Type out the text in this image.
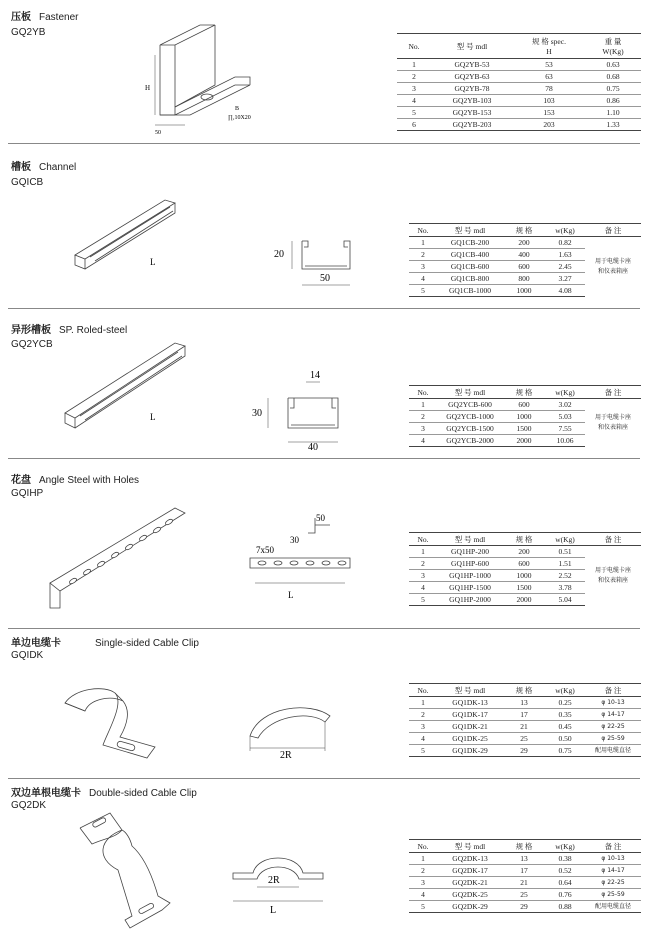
压板 Fastener
GQ2YB
H
B
50
∏,10X20
No.	型 号 mdl	规 格 spec.
H	重 量
W(Kg)
1	GQ2YB-53	53	0.63
2	GQ2YB-63	63	0.68
3	GQ2YB-78	78	0.75
4	GQ2YB-103	103	0.86
5	GQ2YB-153	153	1.10
6	GQ2YB-203	203	1.33
槽板 Channel
GQICB
L
20
50
No.	型 号 mdl	规 格	w(Kg)	备 注
1	GQ1CB-200	200	0.82	用于电缆卡座
和仪表箱座

2	GQ1CB-400	400	1.63	
3	GQ1CB-600	600	2.45	
4	GQ1CB-800	800	3.27	
5	GQ1CB-1000	1000	4.08	
异形槽板 SP. Roled-steel
GQ2YCB
L
14
30
40
No.	型 号 mdl	规 格	w(Kg)	备 注
1	GQ2YCB-600	600	3.02	用于电缆卡座
和仪表箱座

2	GQ2YCB-1000	1000	5.03	
3	GQ2YCB-1500	1500	7.55	
4	GQ2YCB-2000	2000	10.06	
花盘 Angle Steel with Holes
GQIHP
50
30
7x50
L
No.	型 号 mdl	规 格	w(Kg)	备 注
1	GQ1HP-200	200	0.51	用于电缆卡座
和仪表箱座

2	GQ1HP-600	600	1.51	
3	GQ1HP-1000	1000	2.52	
4	GQ1HP-1500	1500	3.78	
5	GQ1HP-2000	2000	5.04	
单边电缆卡	Single-sided Cable Clip
GQIDK
2R
No.	型 号 mdl	规 格	w(Kg)	备 注
1	GQ1DK-13	13	0.25	φ 10-13
2	GQ1DK-17	17	0.35	φ 14-17
3	GQ1DK-21	21	0.45	φ 22-25
4	GQ1DK-25	25	0.50	φ 25-59
5	GQ1DK-29	29	0.75	配用电缆直径
双边单根电缆卡 Double-sided Cable Clip
GQ2DK
2R
L
No.	型 号 mdl	规 格	w(Kg)	备 注
1	GQ2DK-13	13	0.38	φ 10-13
2	GQ2DK-17	17	0.52	φ 14-17
3	GQ2DK-21	21	0.64	φ 22-25
4	GQ2DK-25	25	0.76	φ 25-59
5	GQ2DK-29	29	0.88	配用电缆直径
